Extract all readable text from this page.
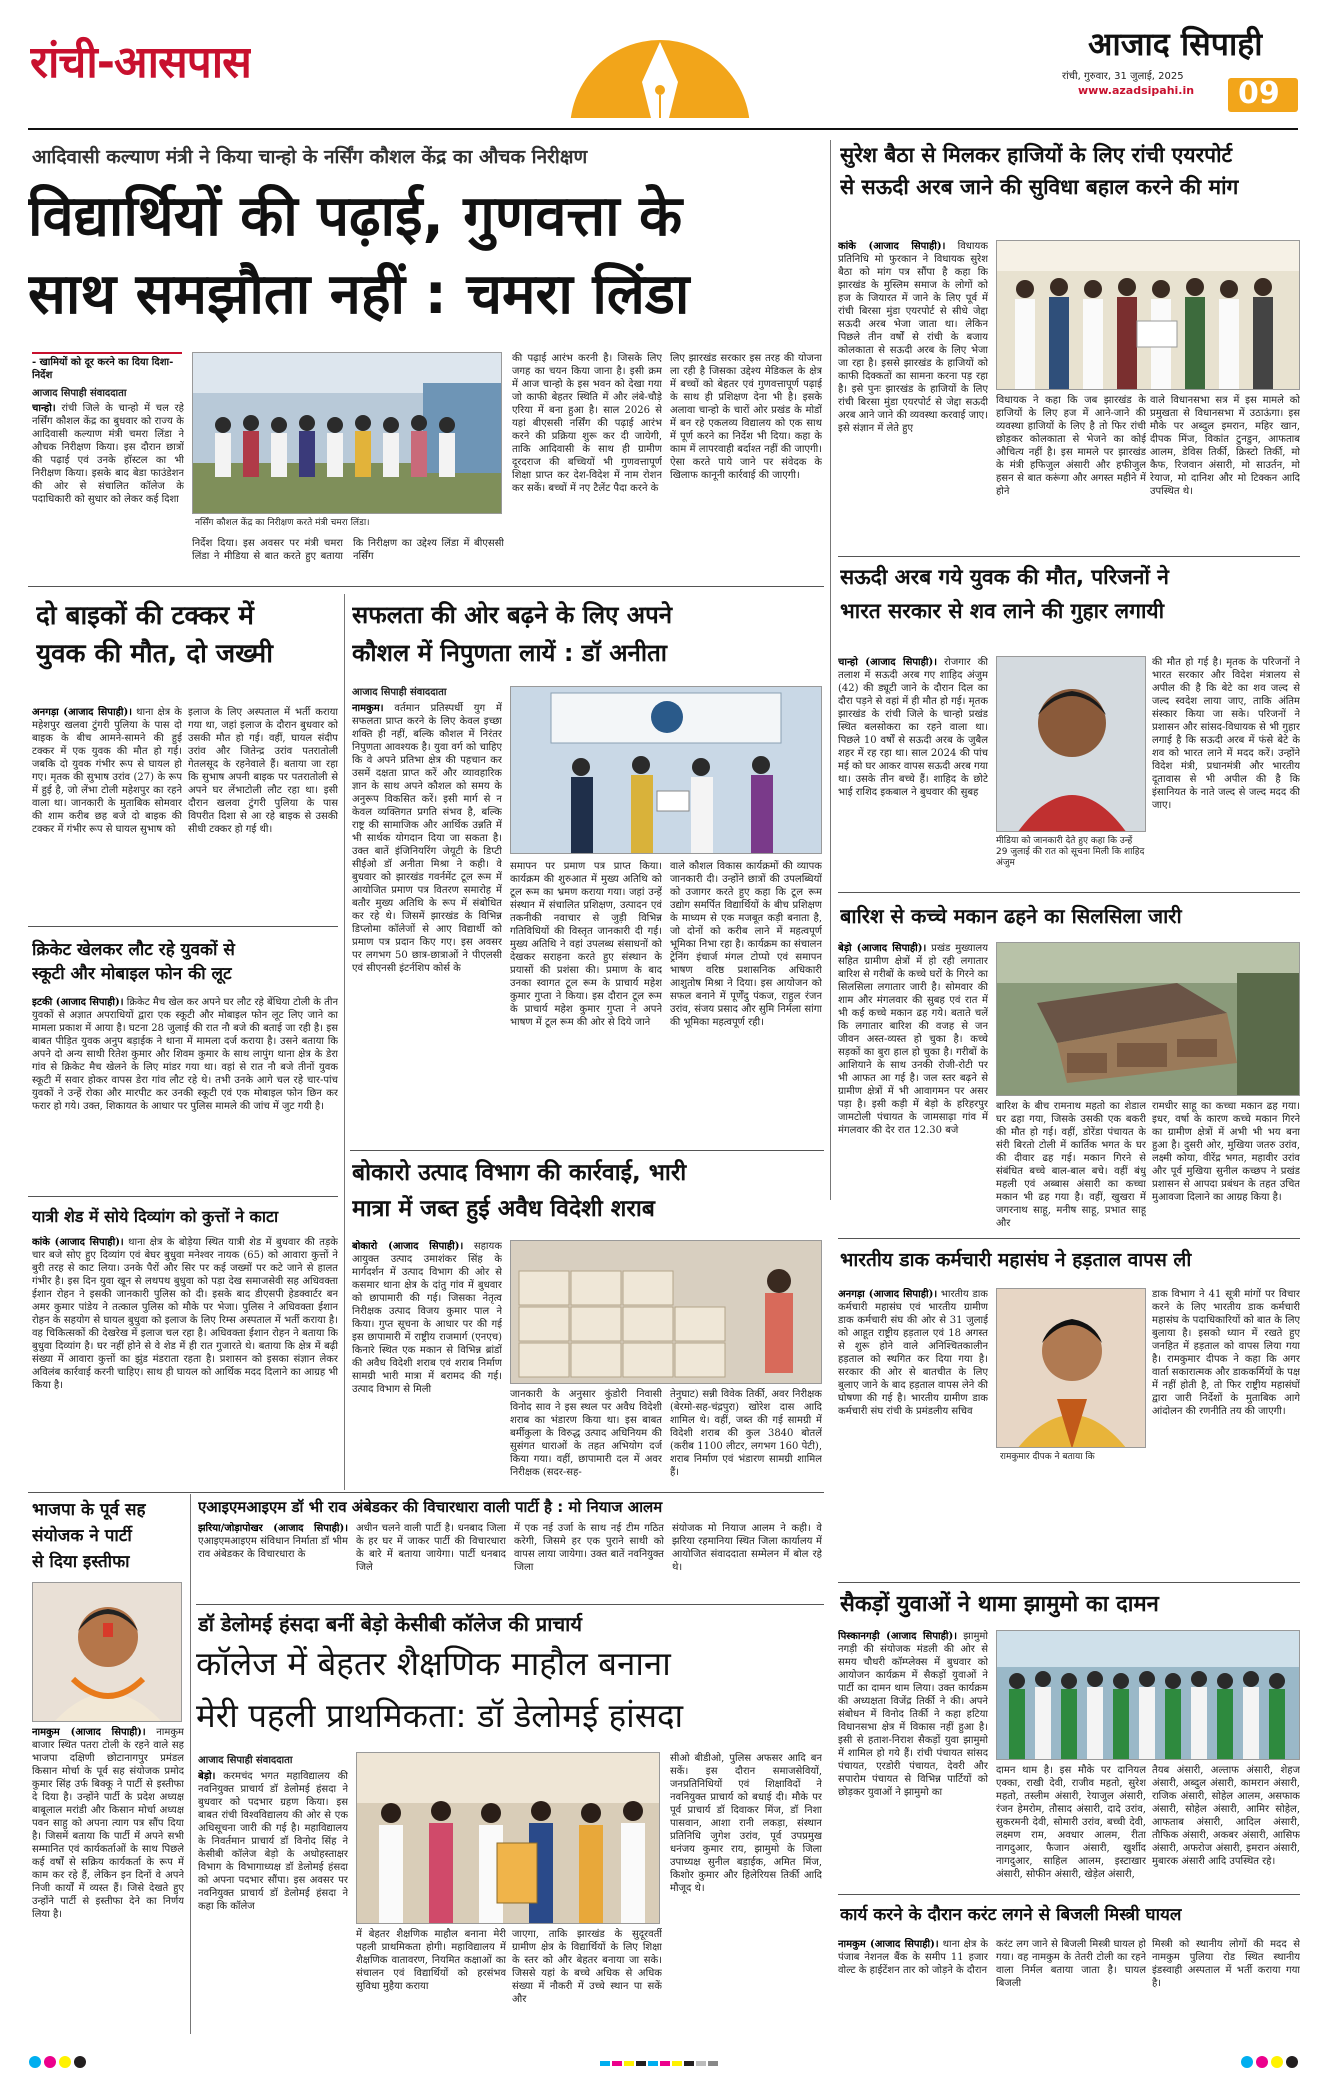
रांची-आसपास	आजाद सिपाही
रांची, गुरुवार, 31 जुलाई, 2025
www.azadsipahi.in 09
आदिवासी कल्याण मंत्री ने किया चान्हो के नर्सिंग कौशल केंद्र का औचक निरीक्षण
विद्यार्थियों की पढ़ाई, गुणवत्ता के
साथ समझौता नहीं : चमरा लिंडा
- खामियों को दूर करने का दिया दिशा-निर्देश
आजाद सिपाही संवाददाता
चान्हो। रांची जिले के चान्हो में चल रहे नर्सिंग कौशल केंद्र का बुधवार को राज्य के आदिवासी कल्याण मंत्री चमरा लिंडा ने औचक निरीक्षण किया। इस दौरान छात्रों की पढ़ाई एवं उनके हॉस्टल का भी निरीक्षण किया। इसके बाद बेडा फाउंडेशन की ओर से संचालित कॉलेज के पदाधिकारी को सुधार को लेकर कई दिशा
नर्सिंग कौशल केंद्र का निरीक्षण करते मंत्री चमरा लिंडा।
निर्देश दिया। इस अवसर पर मंत्री चमरा लिंडा ने मीडिया से बात करते हुए बताया कि निरीक्षण का उद्देश्य लिंडा में बीएससी नर्सिंग
की पढ़ाई आरंभ करनी है। जिसके लिए जगह का चयन किया जाना है। इसी क्रम में आज चान्हो के इस भवन को देखा गया जो काफी बेहतर स्थिति में और लंबे-चौड़े एरिया में बना हुआ है। साल 2026 से यहां बीएससी नर्सिंग की पढ़ाई आरंभ करने की प्रक्रिया शुरू कर दी जायेगी, ताकि आदिवासी के साथ ही ग्रामीण दूरदराज की बच्चियों भी गुणवत्तापूर्ण शिक्षा प्राप्त कर देश-विदेश में नाम रोशन कर सकें। बच्चों में नए टैलेंट पैदा करने के
लिए झारखंड सरकार इस तरह की योजना ला रही है जिसका उद्देश्य मेडिकल के क्षेत्र में बच्चों को बेहतर एवं गुणवत्तापूर्ण पढ़ाई के साथ ही प्रशिक्षण देना भी है। इसके अलावा चान्हो के चारों ओर प्रखंड के मोडों में बन रहे एकलव्य विद्यालय को एक साथ में पूर्ण करने का निर्देश भी दिया। कहा के काम में लापरवाही बर्दाश्त नहीं की जाएगी। ऐसा करते पाये जाने पर संवेदक के खिलाफ कानूनी कार्रवाई की जाएगी।
सुरेश बैठा से मिलकर हाजियों के लिए रांची एयरपोर्ट
से सऊदी अरब जाने की सुविधा बहाल करने की मांग
कांके (आजाद सिपाही)। विधायक प्रतिनिधि मो फुरकान ने विधायक सुरेश बैठा को मांग पत्र सौंपा है कहा कि झारखंड के मुस्लिम समाज के लोगों को हज के जियारत में जाने के लिए पूर्व में रांची बिरसा मुंडा एयरपोर्ट से सीधे जेद्दा सऊदी अरब भेजा जाता था। लेकिन पिछले तीन वर्षों से रांची के बजाय कोलकाता से सऊदी अरब के लिए भेजा जा रहा है। इससे झारखंड के हाजियों को काफी दिक्कतों का सामना करना पड़ रहा है। इसे पुनः झारखंड के हाजियों के लिए रांची बिरसा मुंडा एयरपोर्ट से जेद्दा सऊदी अरब आने जाने की व्यवस्था करवाई जाए। इसे संज्ञान में लेते हुए
विधायक ने कहा कि जब झारखंड के हाजियों के लिए हज में आने-जाने की व्यवस्था हाजियों के लिए है तो फिर रांची छोड़कर कोलकाता से भेजने का कोई औचित्य नहीं है। इस मामले पर झारखंड के मंत्री हफिजुल अंसारी और हफीजुल हसन से बात करूंगा और अगस्त महीने में होने
वाले विधानसभा सत्र में इस मामले को प्रमुखता से विधानसभा में उठाऊंगा। इस मौके पर अब्दुल इमरान, महिर खान, दीपक मिंज, विकांत टुनडुन, आफताब आलम, डेविस तिर्की, क्रिस्टो तिर्की, मो कैफ, रिजवान अंसारी, मो साउर्तन, मो रेयाज, मो दानिश और मो टिक्कन आदि उपस्थित थे।
दो बाइकों की टक्कर में
युवक की मौत, दो जख्मी
अनगड़ा (आजाद सिपाही)। थाना क्षेत्र के महेशपुर खलवा टुंगरी पुलिया के पास दो बाइक के बीच आमने-सामने की हुई टक्कर में एक युवक की मौत हो गई। जबकि दो युवक गंभीर रूप से घायल हो गए। मृतक की सुभाष उरांव (27) के रूप में हुई है, जो लेंभा टोली महेशपुर का रहने वाला था। जानकारी के मुताबिक सोमवार की शाम करीब छह बजे दो बाइक की टक्कर में गंभीर रूप से घायल सुभाष को
इलाज के लिए अस्पताल में भर्ती कराया गया था, जहां इलाज के दौरान बुधवार को उसकी मौत हो गई। वहीं, घायल संदीप उरांव और जितेन्द्र उरांव पतरातोली गेतलसूद के रहनेवाले हैं। बताया जा रहा कि सुभाष अपनी बाइक पर पतरातोली से अपने घर लेंभाटोली लौट रहा था। इसी दौरान खलवा टुंगरी पुलिया के पास विपरीत दिशा से आ रहे बाइक से उसकी सीधी टक्कर हो गई थी।
क्रिकेट खेलकर लौट रहे युवकों से
स्कूटी और मोबाइल फोन की लूट
इटकी (आजाद सिपाही)। क्रिकेट मैच खेल कर अपने घर लौट रहे बेंधिया टोली के तीन युवकों से अज्ञात अपराधियों द्वारा एक स्कूटी और मोबाइल फोन लूट लिए जाने का मामला प्रकाश में आया है। घटना 28 जुलाई की रात नौ बजे की बताई जा रही है। इस बाबत पीड़ित युवक अनुप बड़ाईक ने थाना में मामला दर्ज कराया है। उसने बताया कि अपने दो अन्य साथी रितेश कुमार और शिवम कुमार के साथ लापुंग थाना क्षेत्र के डेरा गांव से क्रिकेट मैच खेलने के लिए मांडर गया था। वहां से रात नौ बजे तीनों युवक स्कूटी में सवार होकर वापस डेरा गांव लौट रहे थे। तभी उनके आगे चल रहे चार-पांच युवकों ने उन्हें रोका और मारपीट कर उनकी स्कूटी एवं एक मोबाइल फोन छिन कर फरार हो गये। उक्त, शिकायत के आधार पर पुलिस मामले की जांच में जुट गयी है।
यात्री शेड में सोये दिव्यांग को कुत्तों ने काटा
कांके (आजाद सिपाही)। थाना क्षेत्र के बोड़ेया स्थित यात्री शेड में बुधवार की तड़के चार बजे सोए हुए दिव्यांग एवं बेघर बुधुवा मनेश्वर नायक (65) को आवारा कुत्तों ने बुरी तरह से काट लिया। उनके पैरों और सिर पर कई जख्मों पर कटे जाने से हालत गंभीर है। इस दिन युवा खून से लथपथ बुधुवा को पड़ा देख समाजसेवी सह अधिवक्ता ईशान रोहन ने इसकी जानकारी पुलिस को दी। इसके बाद डीएसपी हेडक्वार्टर बन अमर कुमार पांडेय ने तत्काल पुलिस को मौके पर भेजा। पुलिस ने अधिवक्ता ईशान रोहन के सहयोग से घायल बुधुवा को इलाज के लिए रिम्स अस्पताल में भर्ती कराया है। वह चिकित्सकों की देखरेख में इलाज चल रहा है। अधिवक्ता ईशान रोहन ने बताया कि बुधुवा दिव्यांग है। घर नहीं होने से वे शेड में ही रात गुजारते थे। बताया कि क्षेत्र में बढ़ी संख्या में आवारा कुत्तों का झुंड मंडराता रहता है। प्रशासन को इसका संज्ञान लेकर अविलंब कार्रवाई करनी चाहिए। साथ ही घायल को आर्थिक मदद दिलाने का आग्रह भी किया है।
सफलता की ओर बढ़ने के लिए अपने
कौशल में निपुणता लायें : डॉ अनीता
आजाद सिपाही संवाददाता
नामकुम। वर्तमान प्रतिस्पर्धी युग में सफलता प्राप्त करने के लिए केवल इच्छा शक्ति ही नहीं, बल्कि कौशल में निरंतर निपुणता आवश्यक है। युवा वर्ग को चाहिए कि वे अपने प्रतिभा क्षेत्र की पहचान कर उसमें दक्षता प्राप्त करें और व्यावहारिक ज्ञान के साथ अपने कौशल को समय के अनुरूप विकसित करें। इसी मार्ग से न केवल व्यक्तिगत प्रगति संभव है, बल्कि राष्ट्र की सामाजिक और आर्थिक उन्नति में भी सार्थक योगदान दिया जा सकता है। उक्त बातें इंजिनियरिंग जेयूटी के डिप्टी सीईओ डॉ अनीता मिश्रा ने कही। वे बुधवार को झारखंड गवर्नमेंट टूल रूम में आयोजित प्रमाण पत्र वितरण समारोह में बतौर मुख्य अतिथि के रूप में संबोधित कर रहे थे। जिसमें झारखंड के विभिन्न डिप्लोमा कॉलेजों से आए विद्यार्थी को प्रमाण पत्र प्रदान किए गए। इस अवसर पर लगभग 50 छात्र-छात्राओं ने पीएलसी एवं सीएनसी इंटर्नशिप कोर्स के
समापन पर प्रमाण पत्र प्राप्त किया। कार्यक्रम की शुरुआत में मुख्य अतिथि को टूल रूम का भ्रमण कराया गया। जहां उन्हें संस्थान में संचालित प्रशिक्षण, उत्पादन एवं तकनीकी नवाचार से जुड़ी विभिन्न गतिविधियों की विस्तृत जानकारी दी गई। मुख्य अतिथि ने वहां उपलब्ध संसाधनों को देखकर सराहना करते हुए संस्थान के प्रयासों की प्रशंसा की। प्रमाण के बाद उनका स्वागत टूल रूम के प्राचार्य महेश कुमार गुप्ता ने किया। इस दौरान टूल रूम के प्राचार्य महेश कुमार गुप्ता ने अपने भाषण में टूल रूम की ओर से दिये जाने
वाले कौशल विकास कार्यक्रमों की व्यापक जानकारी दी। उन्होंने छात्रों की उपलब्धियों को उजागर करते हुए कहा कि टूल रूम उद्योग समर्पित विद्यार्थियों के बीच प्रशिक्षण के माध्यम से एक मजबूत कड़ी बनाता है, जो दोनों को करीब लाने में महत्वपूर्ण भूमिका निभा रहा है। कार्यक्रम का संचालन ट्रेनिंग इंचार्ज मंगल टोप्पो एवं समापन भाषण वरिष्ठ प्रशासनिक अधिकारी आशुतोष मिश्रा ने दिया। इस आयोजन को सफल बनाने में पूर्णेंदु पंकज, राहुल रंजन उरांव, संजय प्रसाद और सुमि निर्मला सांगा की भूमिका महत्वपूर्ण रही।
बोकारो उत्पाद विभाग की कार्रवाई, भारी
मात्रा में जब्त हुई अवैध विदेशी शराब
बोकारो (आजाद सिपाही)। सहायक आयुक्त उत्पाद उमाशंकर सिंह के मार्गदर्शन में उत्पाद विभाग की ओर से कसमार थाना क्षेत्र के दांतु गांव में बुधवार को छापामारी की गई। जिसका नेतृत्व निरीक्षक उत्पाद विजय कुमार पाल ने किया। गुप्त सूचना के आधार पर की गई इस छापामारी में राष्ट्रीय राजमार्ग (एनएच) किनारे स्थित एक मकान से विभिन्न ब्रांडों की अवैध विदेशी शराब एवं शराब निर्माण सामग्री भारी मात्रा में बरामद की गई। उत्पाद विभाग से मिली	जानकारी के अनुसार कुंडोरी निवासी विनोद साव ने इस स्थल पर अवैध विदेशी शराब का भंडारण किया था। इस बाबत बर्मीकुला के विरुद्ध उत्पाद अधिनियम की सुसंगत धाराओं के तहत अभियोग दर्ज किया गया। वहीं, छापामारी दल में अवर निरीक्षक (सदर-सह-
तेनुघाट) सन्नी विवेक तिर्की, अवर निरीक्षक (बेरमो-सह-चंद्रपुरा) खोरेश दास आदि शामिल थे। वहीं, जब्त की गई सामग्री में विदेशी शराब की कुल 3840 बोतलें (करीब 1100 लीटर, लगभग 160 पेटी), शराब निर्माण एवं भंडारण सामग्री शामिल हैं।
सऊदी अरब गये युवक की मौत, परिजनों ने
भारत सरकार से शव लाने की गुहार लगायी
चान्हो (आजाद सिपाही)। रोजगार की तलाश में सऊदी अरब गए शाहिद अंजुम (42) की ड्यूटी जाने के दौरान दिल का दौरा पड़ने से वहां में ही मौत हो गई। मृतक झारखंड के रांची जिले के चान्हो प्रखंड स्थित बलसोकरा का रहने वाला था। पिछले 10 वर्षों से सऊदी अरब के जुबैल शहर में रह रहा था। साल 2024 की पांच मई को घर आकर वापस सऊदी अरब गया था। उसके तीन बच्चे हैं। शाहिद के छोटे भाई राशिद इकबाल ने बुधवार की सुबह
मीडिया को जानकारी देते हुए कहा कि उन्हें 29 जुलाई की रात को सूचना मिली कि शाहिद अंजुम
की मौत हो गई है। मृतक के परिजनों ने भारत सरकार और विदेश मंत्रालय से अपील की है कि बेटे का शव जल्द से जल्द स्वदेश लाया जाए, ताकि अंतिम संस्कार किया जा सके। परिजनों ने प्रशासन और सांसद-विधायक से भी गुहार लगाई है कि सऊदी अरब में फंसे बेटे के शव को भारत लाने में मदद करें। उन्होंने विदेश मंत्री, प्रधानमंत्री और भारतीय दूतावास से भी अपील की है कि इंसानियत के नाते जल्द से जल्द मदद की जाए।
बारिश से कच्चे मकान ढहने का सिलसिला जारी
बेड़ो (आजाद सिपाही)। प्रखंड मुख्यालय सहित ग्रामीण क्षेत्रों में हो रही लगातार बारिश से गरीबों के कच्चे घरों के गिरने का सिलसिला लगातार जारी है। सोमवार की शाम और मंगलवार की सुबह एवं रात में भी कई कच्चे मकान ढह गये। बताते चलें कि लगातार बारिश की वजह से जन जीवन अस्त-व्यस्त हो चुका है। कच्चे सड़कों का बुरा हाल हो चुका है। गरीबों के आशियाने के साथ उनकी रोजी-रोटी पर भी आफत आ गई है। जल स्तर बढ़ने से ग्रामीण क्षेत्रों में भी आवागमन पर असर पड़ा है। इसी कड़ी में बेड़ो के हरिहरपुर जामटोली पंचायत के जामसाढ़ा गांव में मंगलवार की देर रात 12.30 बजे
बारिश के बीच रामनाथ महतो का शेडाल घर ढहा गया, जिसके उसकी एक बकरी की मौत हो गई। वहीं, डोरेंडा पंचायत के संरी बिरतो टोली में कार्तिक भगत के घर की दीवार ढह गई। मकान गिरने से संबंधित बच्चे बाल-बाल बचे। वहीं बंधु महली एवं अब्बास अंसारी का कच्चा मकान भी ढह गया है। वहीं, खुखरा में जगरनाथ साहू, मनीष साहू, प्रभात साहू और
रामधीर साहू का कच्चा मकान ढह गया। इधर, वर्षा के कारण कच्चे मकान गिरने का ग्रामीण क्षेत्रों में अभी भी भय बना हुआ है। दुसरी ओर, मुखिया जतरु उरांव, लक्ष्मी कोया, वीरेंद्र भगत, महावीर उरांव और पूर्व मुखिया सुनील कच्छप ने प्रखंड प्रशासन से आपदा प्रबंधन के तहत उचित मुआवजा दिलाने का आग्रह किया है।
भारतीय डाक कर्मचारी महासंघ ने हड़ताल वापस ली
अनगड़ा (आजाद सिपाही)। भारतीय डाक कर्मचारी महासंघ एवं भारतीय ग्रामीण डाक कर्मचारी संघ की ओर से 31 जुलाई को आहूत राष्ट्रीय हड़ताल एवं 18 अगस्त से शुरू होने वाले अनिश्चितकालीन हड़ताल को स्थगित कर दिया गया है। सरकार की ओर से बातचीत के लिए बुलाए जाने के बाद हड़ताल वापस लेने की घोषणा की गई है। भारतीय ग्रामीण डाक कर्मचारी संघ रांची के प्रमंडलीय सचिव
रामकुमार दीपक ने बताया कि
डाक विभाग ने 41 सूत्री मांगों पर विचार करने के लिए भारतीय डाक कर्मचारी महासंघ के पदाधिकारियों को बात के लिए बुलाया है। इसको ध्यान में रखते हुए जनहित में हड़ताल को वापस लिया गया है। रामकुमार दीपक ने कहा कि अगर वार्ता सकारात्मक और डाककर्मियों के पक्ष में नहीं होती है, तो फिर राष्ट्रीय महासंघों द्वारा जारी निर्देशों के मुताबिक आगे आंदोलन की रणनीति तय की जाएगी।
भाजपा के पूर्व सह
संयोजक ने पार्टी
से दिया इस्तीफा
नामकुम (आजाद सिपाही)। नामकुम बाजार स्थित पतरा टोली के रहने वाले सह भाजपा दक्षिणी छोटानागपुर प्रमंडल किसान मोर्चा के पूर्व सह संयोजक प्रमोद कुमार सिंह उर्फ बिक्कू ने पार्टी से इस्तीफा दे दिया है। उन्होंने पार्टी के प्रदेश अध्यक्ष बाबूलाल मरांडी और किसान मोर्चा अध्यक्ष पवन साहु को अपना त्याग पत्र सौंप दिया है। जिसमें बताया कि पार्टी में अपने सभी सम्मानित एवं कार्यकर्ताओं के साथ पिछले कई वर्षों से सक्रिय कार्यकर्ता के रूप में काम कर रहे हैं, लेकिन इन दिनों वे अपने निजी कार्यों में व्यस्त हैं। जिसे देखते हुए उन्होंने पार्टी से इस्तीफा देने का निर्णय लिया है।
एआइएमआइएम डॉ भी राव अंबेडकर की विचारधारा वाली पार्टी है : मो नियाज आलम
झरिया/जोड़ापोखर (आजाद सिपाही)। एआइएमआइएम संविधान निर्माता डॉ भीम राव अंबेडकर के विचारधारा के
अधीन चलने वाली पार्टी है। धनबाद जिला के हर घर में जाकर पार्टी की विचारधारा के बारे में बताया जायेगा। पार्टी धनबाद जिले
में एक नई उर्जा के साथ नई टीम गठित करेगी, जिसमे हर एक पुराने साथी को वापस लाया जायेगा। उक्त बातें नवनियुक्त जिला
संयोजक मो नियाज आलम ने कही। वे झरिया रहमानिया स्थित जिला कार्यालय में आयोजित संवाददाता सम्मेलन में बोल रहे थे।
डॉ डेलोमई हंसदा बनीं बेड़ो केसीबी कॉलेज की प्राचार्य
कॉलेज में बेहतर शैक्षणिक माहौल बनाना
मेरी पहली प्राथमिकता: डॉ डेलोमई हांसदा
आजाद सिपाही संवाददाता
बेड़ो। करमचंद भगत महाविद्यालय की नवनियुक्त प्राचार्य डॉ डेलोमई हंसदा ने बुधवार को पदभार ग्रहण किया। इस बाबत रांची विश्वविद्यालय की ओर से एक अधिसूचना जारी की गई है। महाविद्यालय के निवर्तमान प्राचार्य डॉ विनोद सिंह ने केसीबी कॉलेज बेड़ो के अधोहस्ताक्षर विभाग के विभागाध्यक्ष डॉ डेलोमई हंसदा को अपना पदभार सौंपा। इस अवसर पर नवनियुक्त प्राचार्य डॉ डेलोमई हंसदा ने कहा कि कॉलेज
में बेहतर शैक्षणिक माहौल बनाना मेरी पहली प्राथमिकता होगी। महाविद्यालय में शैक्षणिक वातावरण, नियमित कक्षाओं का संचालन एवं विद्यार्थियों को हरसंभव सुविधा मुहैया कराया
जाएगा, ताकि झारखंड के सुदूरवर्ती ग्रामीण क्षेत्र के विद्यार्थियों के लिए शिक्षा के स्तर को और बेहतर बनाया जा सके। जिससे यहां के बच्चे अधिक से अधिक संख्या में नौकरी में उच्चे स्थान पा सकें और
सीओ बीडीओ, पुलिस अफसर आदि बन सकें। इस दौरान समाजसेवियों, जनप्रतिनिधियों एवं शिक्षाविदों ने नवनियुक्त प्राचार्य को बधाई दी। मौके पर पूर्व प्राचार्य डॉ दिवाकर मिंज, डॉ निशा पासवान, आशा रानी लकड़ा, संस्थान प्रतिनिधि जुगेश उरांव, पूर्व उपप्रमुख धनंजय कुमार राय, झामुमो के जिला उपाध्यक्ष सुनील बड़ाईक, अमित मिंज, किशोर कुमार और हिलेरियस तिर्की आदि मौजूद थे।
सैकड़ों युवाओं ने थामा झामुमो का दामन
पिस्कानगड़ी (आजाद सिपाही)। झामुमो नगड़ी की संयोजक मंडली की ओर से समय चौधरी कॉम्प्लेक्स में बुधवार को आयोजन कार्यक्रम में सैकड़ों युवाओं ने पार्टी का दामन थाम लिया। उक्त कार्यक्रम की अध्यक्षता विजेंद्र तिर्की ने की। अपने संबोधन में विनोद तिर्की ने कहा हटिया विधानसभा क्षेत्र में विकास नहीं हुआ है। इसी से हताश-निराश सैकड़ों युवा झामुमो में शामिल हो गये हैं। रांची पंचायत सांसद पंचायत, एरडोरी पंचायत, देवरी और सपारोम पंचायत से विभिन्न पार्टियों को छोड़कर युवाओं ने झामुमो का
दामन थाम है। इस मौके पर दानियल एक्का, राखी देवी, राजीव महतो, सुरेश महतो, तस्लीम अंसारी, रेयाजुल अंसारी, रंजन हेमरोम, तौसाद अंसारी, दादे उरांव, सुकरमनी देवी, सोमारी उरांव, बच्ची देवी, लक्ष्मण राम, अवधार आलम, रीता नागदुआर, फैजान अंसारी, खुर्शीद नागदुआर, साहिल आलम, इस्टाखार अंसारी, सोफीन अंसारी, खेड़ेल अंसारी,
तैयब अंसारी, अल्ताफ अंसारी, शेहज अंसारी, अब्दुल अंसारी, कामरान अंसारी, राजिक अंसारी, सोहेल आलम, असफाक अंसारी, सोहेल अंसारी, आमिर सोहेल, आफताब अंसारी, आदिल अंसारी, तौफिक अंसारी, अकबर अंसारी, आसिफ अंसारी, अफरोज अंसारी, इमरान अंसारी, मुबारक अंसारी आदि उपस्थित रहे।
कार्य करने के दौरान करंट लगने से बिजली मिस्त्री घायल
नामकुम (आजाद सिपाही)। थाना क्षेत्र के पंजाब नेशनल बैंक के समीप 11 हजार वोल्ट के हाईटेंशन तार को जोड़ने के दौरान
करंट लग जाने से बिजली मिस्त्री घायल हो गया। वह नामकुम के तेतरी टोली का रहने वाला निर्मल बताया जाता है। घायल बिजली
मिस्त्री को स्थानीय लोगों की मदद से नामकुम पुलिया रोड स्थित स्थानीय इंडस्वाही अस्पताल में भर्ती कराया गया है।
